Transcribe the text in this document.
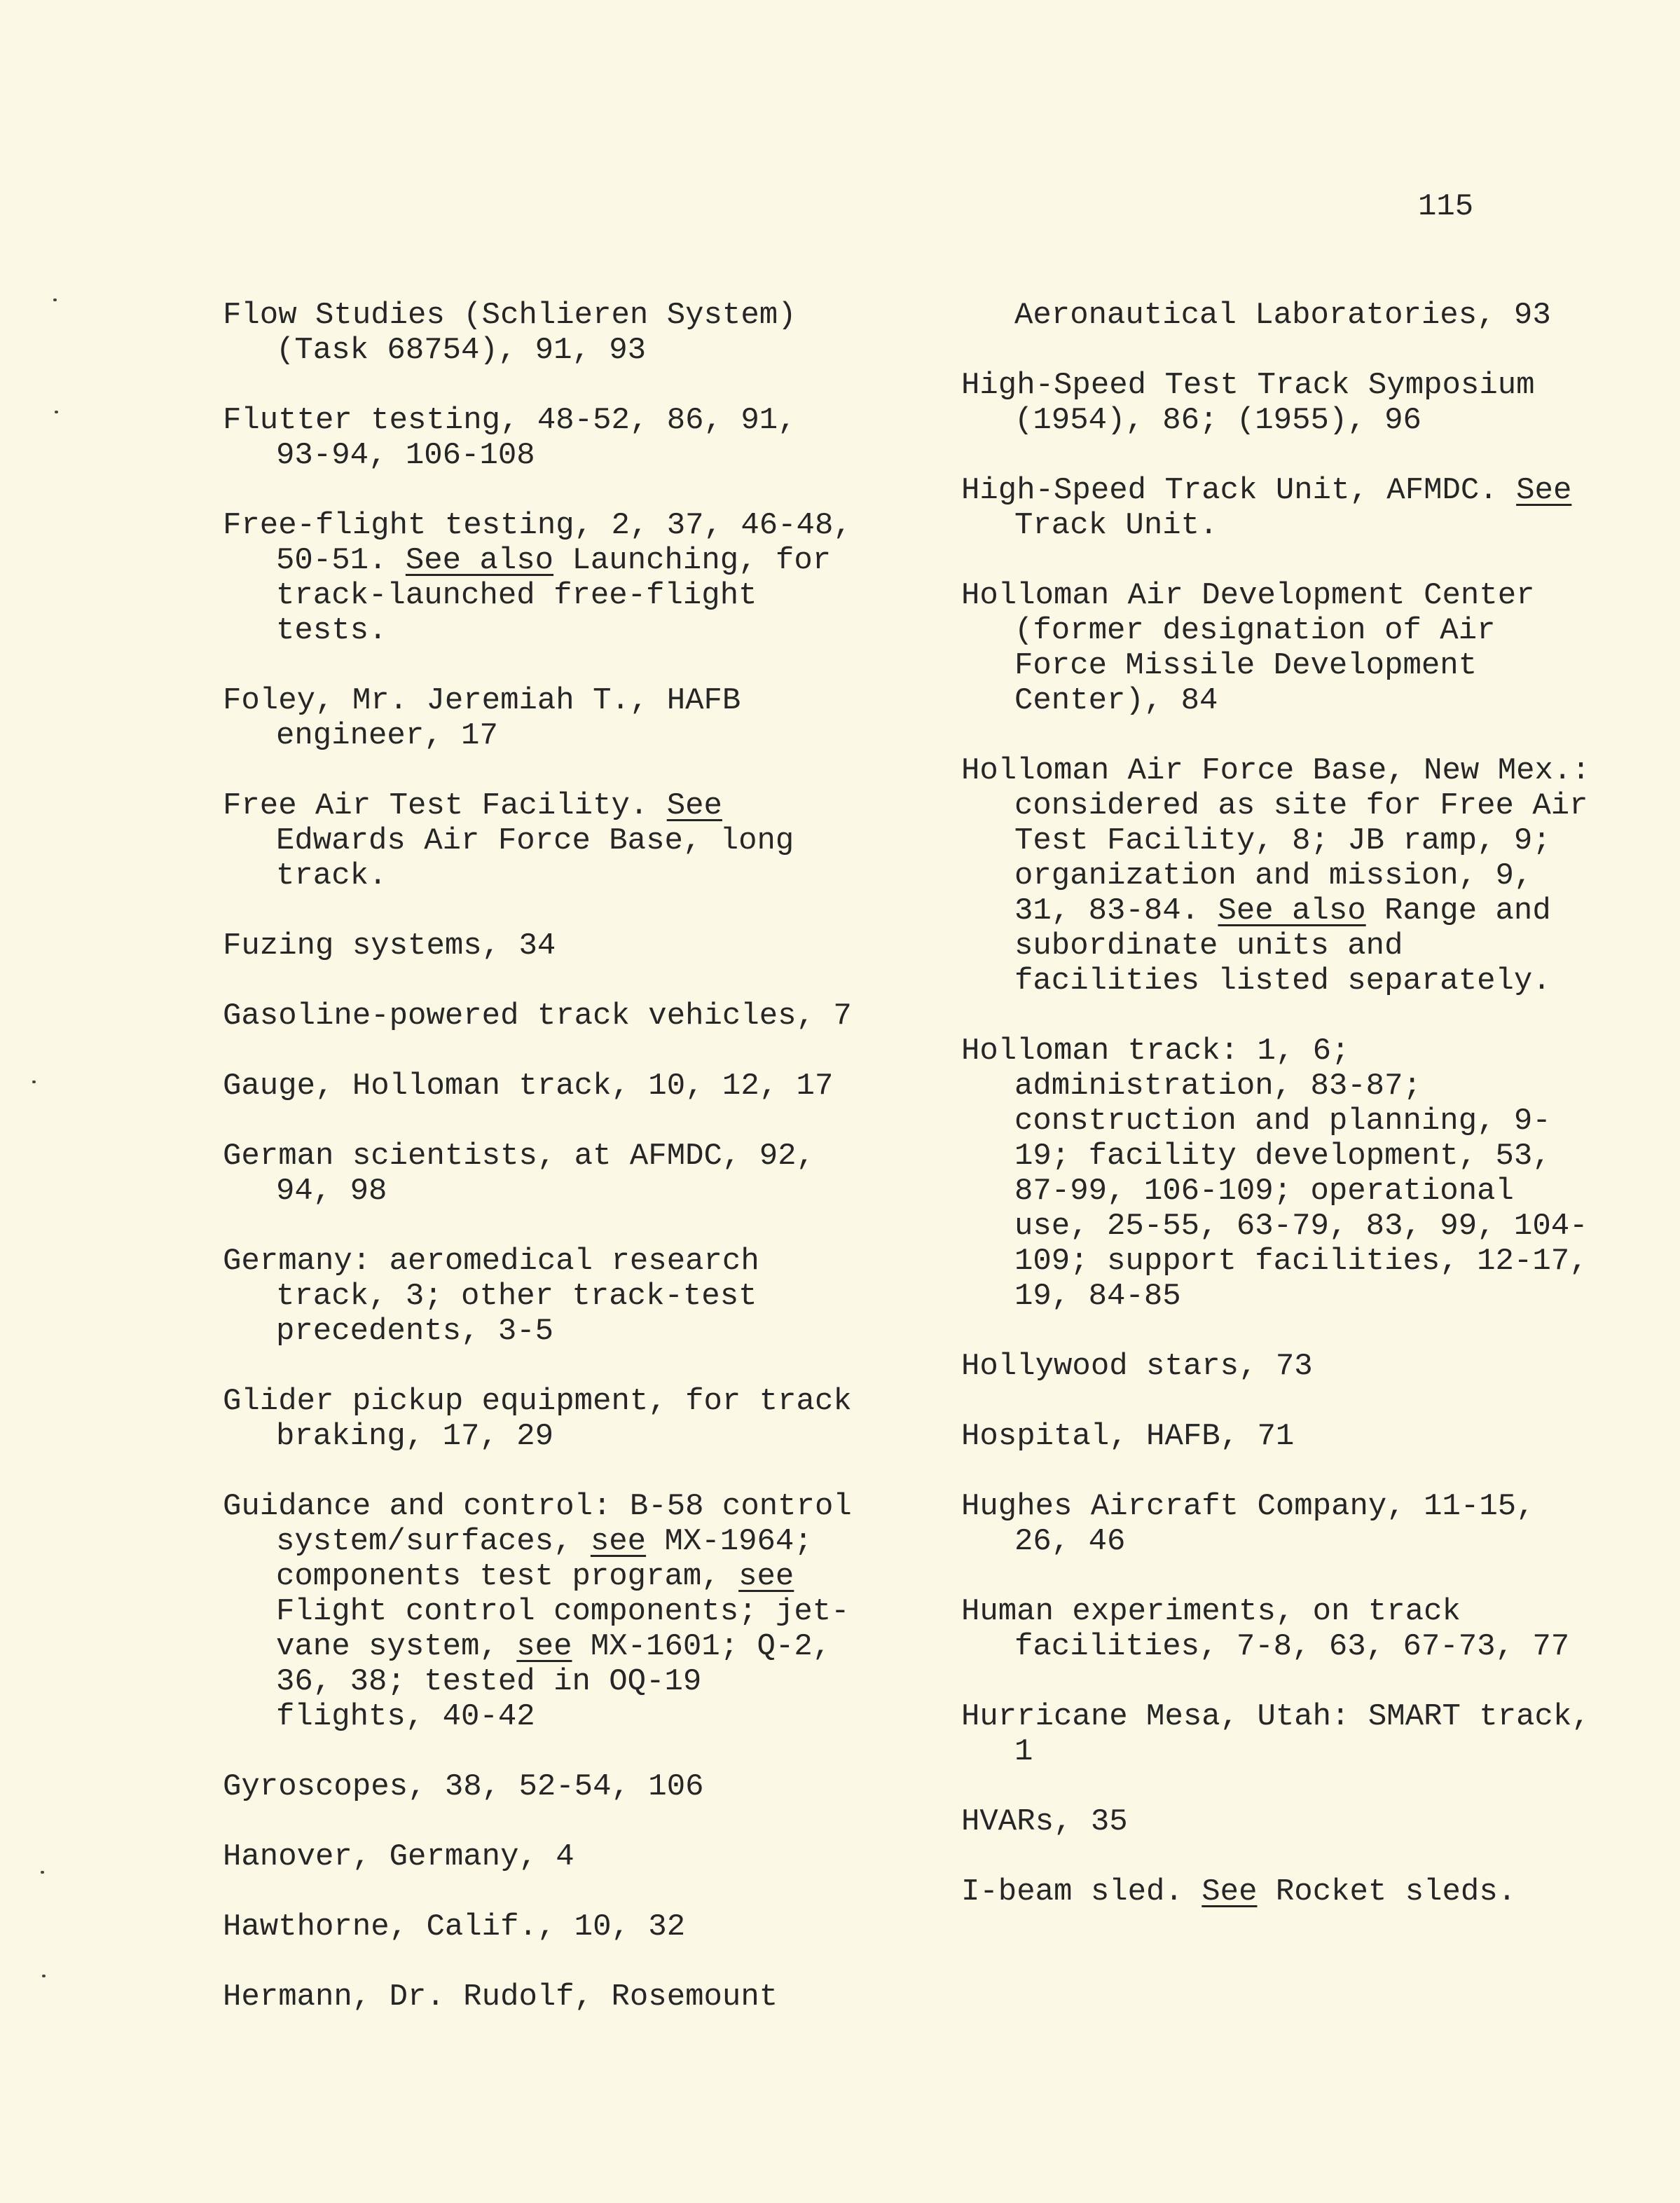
115

Flow Studies (Schlieren System) (Task 68754), 91, 93

Flutter testing, 48-52, 86, 91, 93-94, 106-108

Free-flight testing, 2, 37, 46-48, 50-51. See also Launching, for track-launched free-flight tests.

Foley, Mr. Jeremiah T., HAFB engineer, 17

Free Air Test Facility. See Edwards Air Force Base, long track.

Fuzing systems, 34

Gasoline-powered track vehicles, 7

Gauge, Holloman track, 10, 12, 17

German scientists, at AFMDC, 92, 94, 98

Germany: aeromedical research track, 3; other track-test precedents, 3-5

Glider pickup equipment, for track braking, 17, 29

Guidance and control: B-58 control system/surfaces, see MX-1964; components test program, see Flight control components; jet-vane system, see MX-1601; Q-2, 36, 38; tested in OQ-19 flights, 40-42

Gyroscopes, 38, 52-54, 106

Hanover, Germany, 4

Hawthorne, Calif., 10, 32

Hermann, Dr. Rudolf, Rosemount

Aeronautical Laboratories, 93

High-Speed Test Track Symposium (1954), 86; (1955), 96

High-Speed Track Unit, AFMDC. See Track Unit.

Holloman Air Development Center (former designation of Air Force Missile Development Center), 84

Holloman Air Force Base, New Mex.: considered as site for Free Air Test Facility, 8; JB ramp, 9; organization and mission, 9, 31, 83-84. See also Range and subordinate units and facilities listed separately.

Holloman track: 1, 6; administration, 83-87; construction and planning, 9-19; facility development, 53, 87-99, 106-109; operational use, 25-55, 63-79, 83, 99, 104-109; support facilities, 12-17, 19, 84-85

Hollywood stars, 73

Hospital, HAFB, 71

Hughes Aircraft Company, 11-15, 26, 46

Human experiments, on track facilities, 7-8, 63, 67-73, 77

Hurricane Mesa, Utah: SMART track, 1

HVARs, 35

I-beam sled. See Rocket sleds.
